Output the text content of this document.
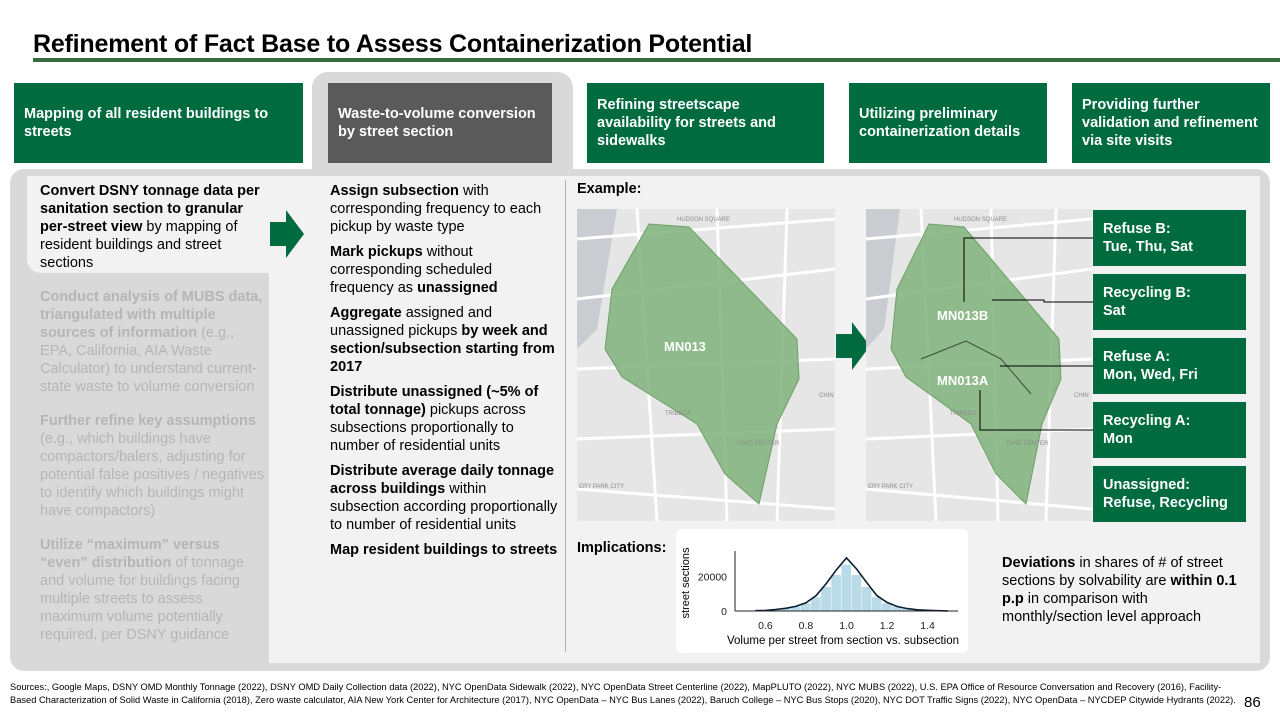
Refinement of Fact Base to Assess Containerization Potential
Mapping of all resident buildings to streets
Waste-to-volume conversion by street section
Refining streetscape availability for streets and sidewalks
Utilizing preliminary containerization details
Providing further validation and refinement via site visits

Convert DSNY tonnage data per sanitation section to granular per-street view by mapping of resident buildings and street sections

Conduct analysis of MUBS data, triangulated with multiple sources of information (e.g., EPA, California, AIA Waste Calculator) to understand current-state waste to volume conversion

Further refine key assumptions (e.g., which buildings have compactors/balers, adjusting for potential false positives / negatives to identify which buildings might have compactors)

Utilize “maximum” versus “even” distribution of tonnage and volume for buildings facing multiple streets to assess maximum volume potentially required, per DSNY guidance

Assign subsection with corresponding frequency to each pickup by waste type

Mark pickups without corresponding scheduled frequency as unassigned

Aggregate assigned and unassigned pickups by week and section/subsection starting from 2017

Distribute unassigned (~5% of total tonnage) pickups across subsections proportionally to number of residential units

Distribute average daily tonnage across buildings within subsection according proportionally to number of residential units

Map resident buildings to streets

Example:
HUDSON SQUARE
TRIBECA
CIVIC CENTER
ERY PARK CITY
CHIN
MN013
HUDSON SQUARE
TRIBECA
CIVIC CENTER
ERY PARK CITY
CHIN
MN013B
MN013A
Refuse B:
Tue, Thu, Sat
Recycling B:
Sat
Refuse A:
Mon, Wed, Fri
Recycling A:
Mon
Unassigned:
Refuse, Recycling
Implications:
0.6 0.8 1.0 1.2 1.4
0
20000
street sections
Volume per street from section vs. subsection
Deviations in shares of # of street sections by solvability are within 0.1 p.p in comparison with monthly/section level approach
Sources:, Google Maps, DSNY OMD Monthly Tonnage (2022), DSNY OMD Daily Collection data (2022), NYC OpenData Sidewalk (2022), NYC OpenData Street Centerline (2022), MapPLUTO (2022), NYC MUBS (2022), U.S. EPA Office of Resource Conversation and Recovery (2016), Facility-Based Characterization of Solid Waste in California (2018), Zero waste calculator, AIA New York Center for Architecture (2017), NYC OpenData – NYC Bus Lanes (2022), Baruch College – NYC Bus Stops (2020), NYC DOT Traffic Signs (2022), NYC OpenData – NYCDEP Citywide Hydrants (2022). 86
